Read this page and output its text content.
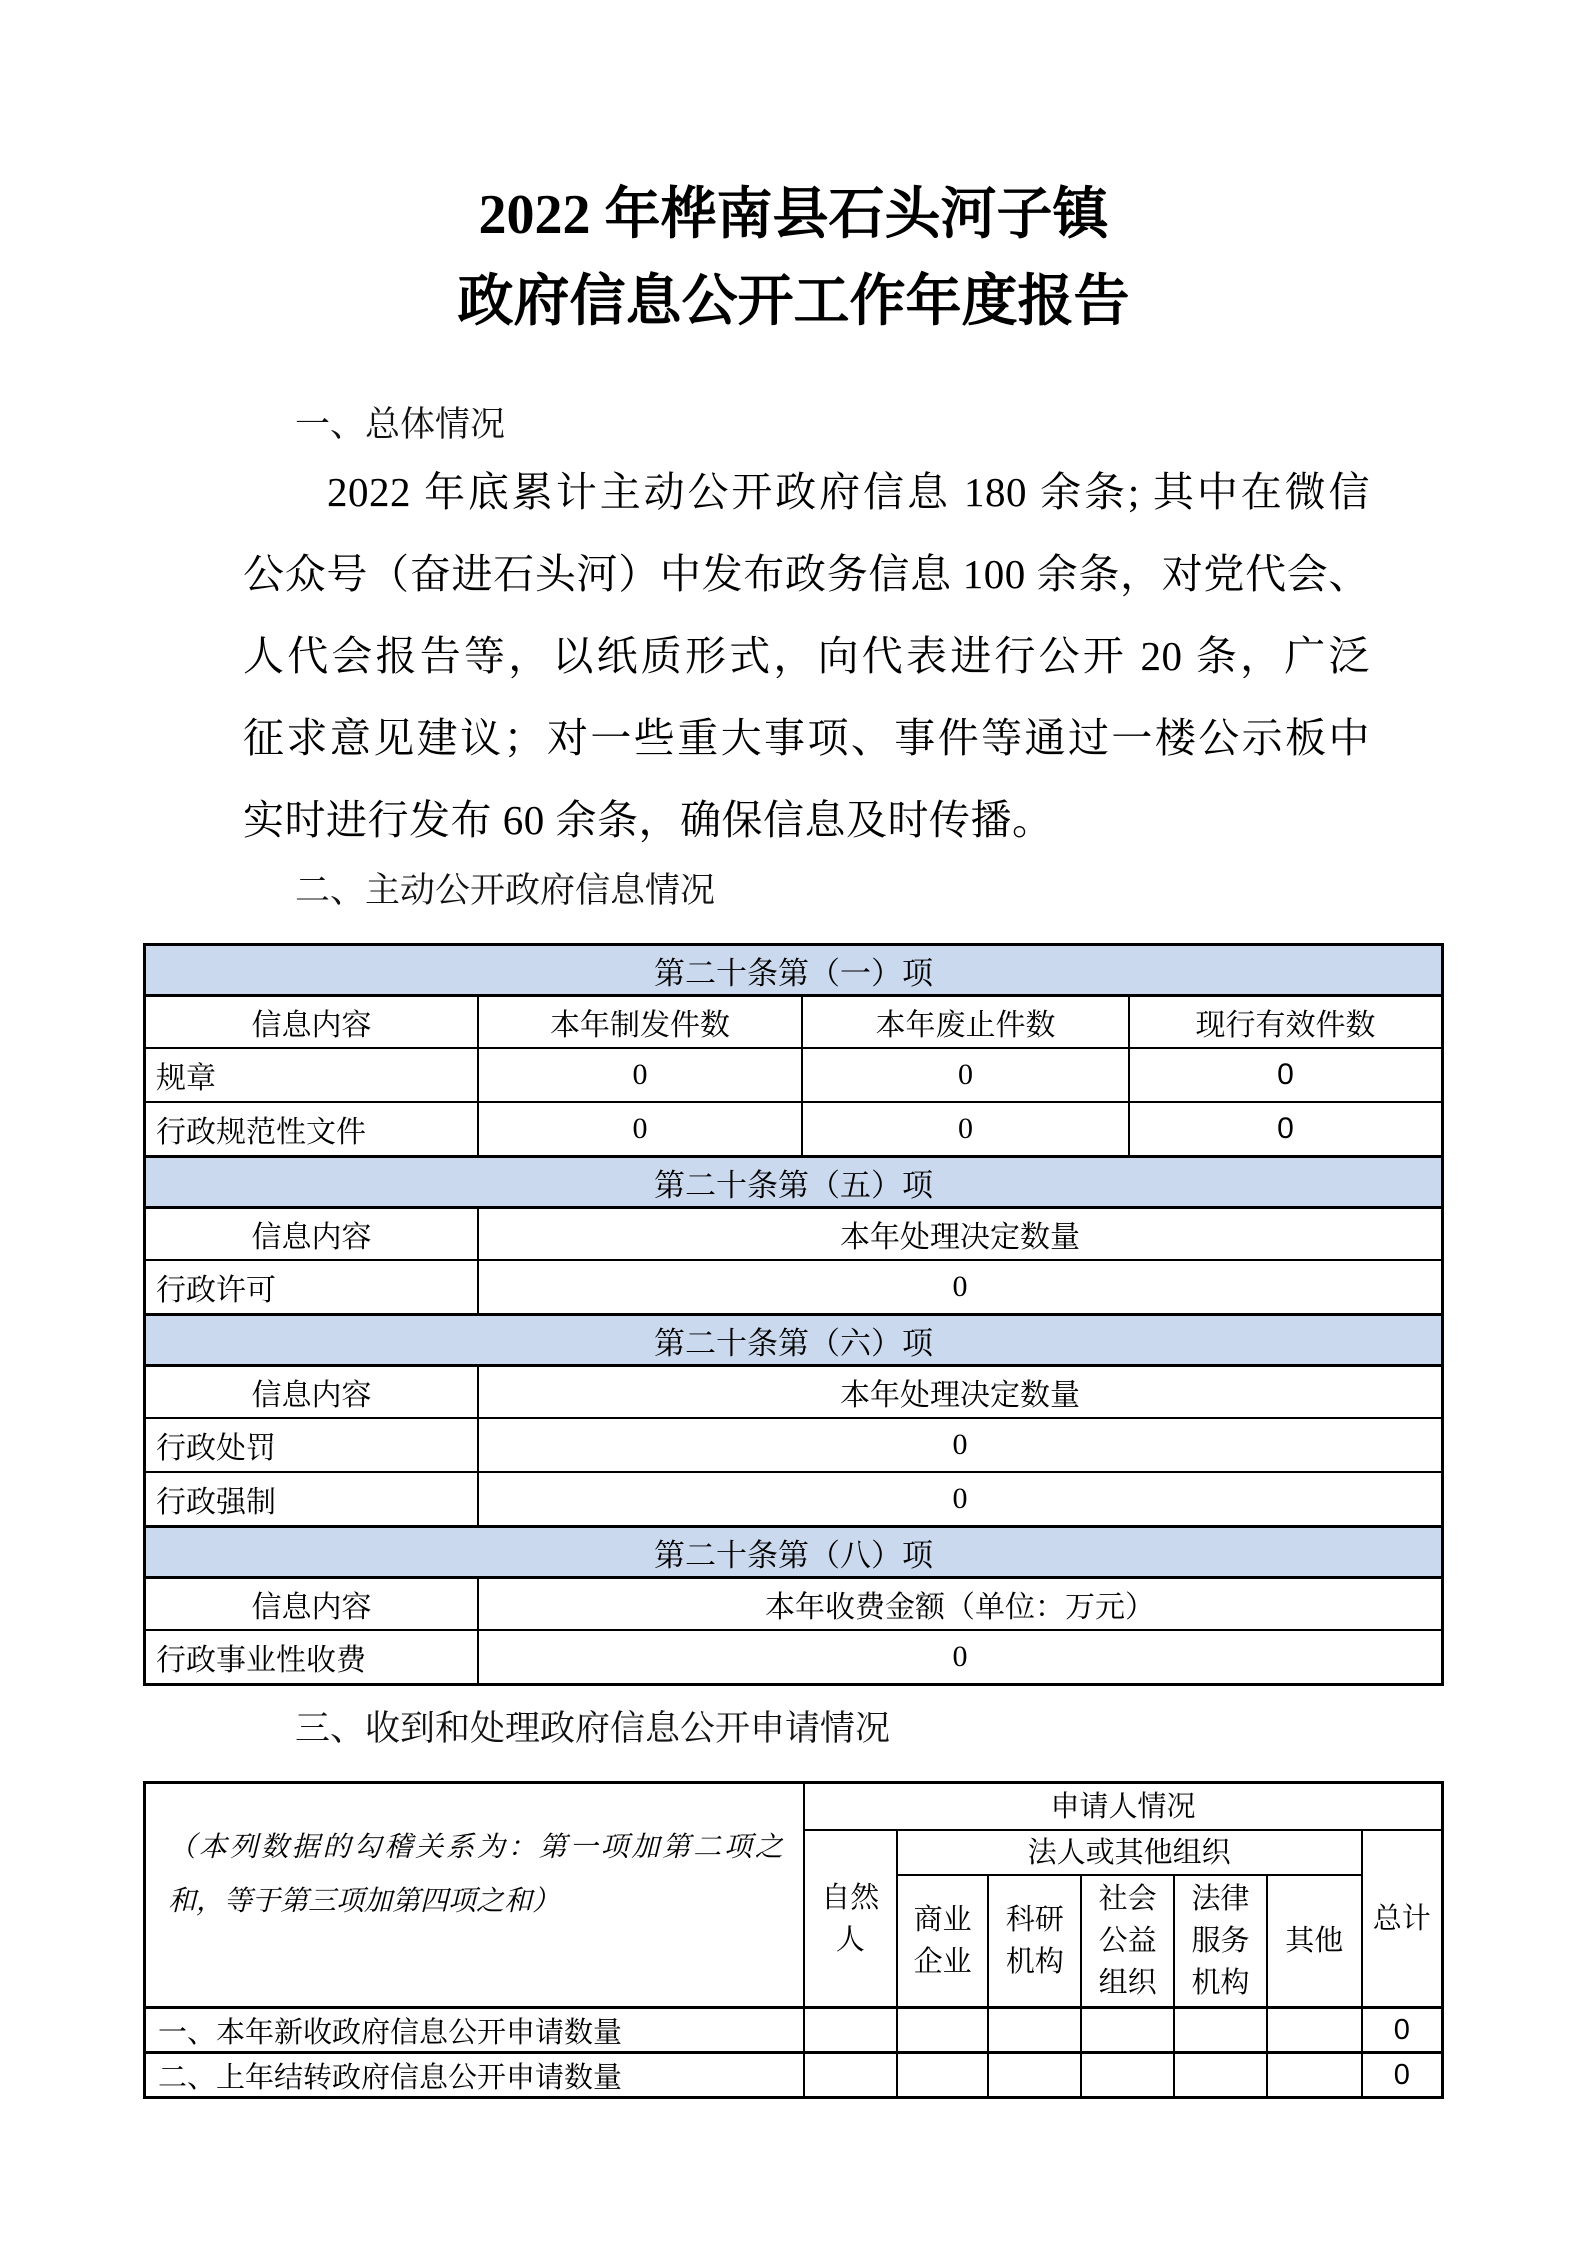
2022 年桦南县石头河子镇
政府信息公开工作年度报告
一、总体情况
2022 年底累计主动公开政府信息 180 余条; 其中在微信
公众号（奋进石头河）中发布政务信息 100 余条，对党代会、
人代会报告等，以纸质形式，向代表进行公开 20 条，广泛
征求意见建议；对一些重大事项、事件等通过一楼公示板中
实时进行发布 60 余条，确保信息及时传播。
二、主动公开政府信息情况
第二十条第（一）项			
信息内容	本年制发件数	本年废止件数	现行有效件数
规章	0	0	0
行政规范性文件	0	0	0
第二十条第（五）项			
信息内容	本年处理决定数量		
行政许可	0		
第二十条第（六）项			
信息内容	本年处理决定数量		
行政处罚	0		
行政强制	0		
第二十条第（八）项			
信息内容	本年收费金额（单位：万元）		
行政事业性收费	0		
三、收到和处理政府信息公开申请情况
（本列数据的勾稽关系为：第一项加第二项之和，等于第三项加第四项之和）	申请人情况						
	自然人	法人或其他组织					总计
		商业企业	科研机构	社会公益组织	法律服务机构	其他	
一、本年新收政府信息公开申请数量							0
二、上年结转政府信息公开申请数量							0
